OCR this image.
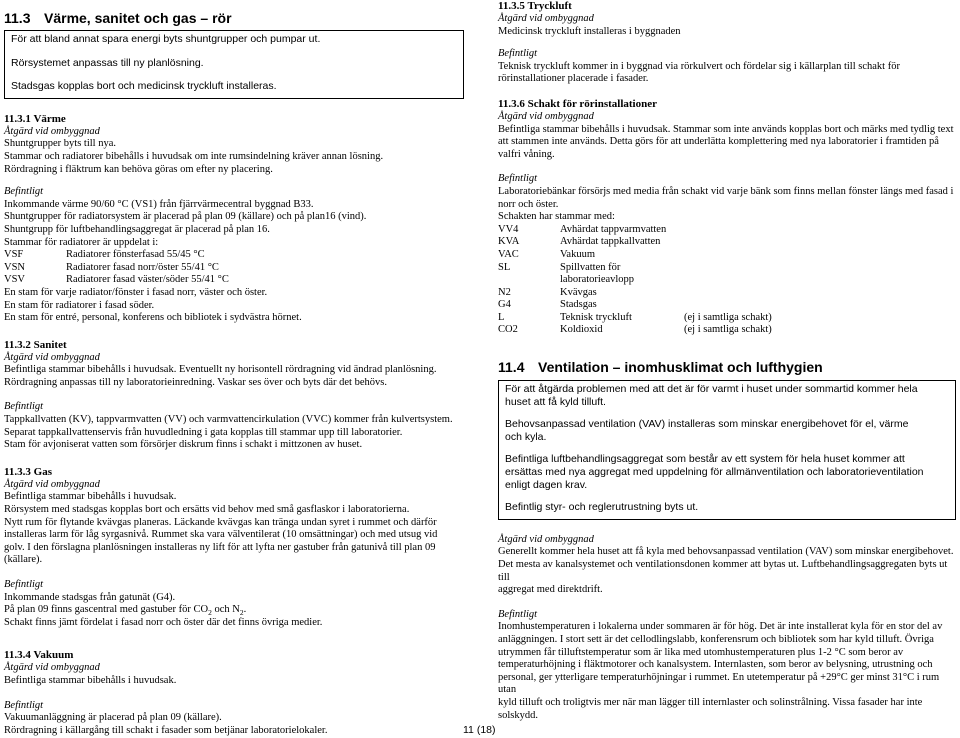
11.3 Värme, sanitet och gas – rör

För att bland annat spara energi byts shuntgrupper och pumpar ut.

Rörsystemet anpassas till ny planlösning.

Stadsgas kopplas bort och medicinsk tryckluft installeras.

11.3.1 Värme
Åtgärd vid ombyggnad
Shuntgrupper byts till nya.
Stammar och radiatorer bibehålls i huvudsak om inte rumsindelning kräver annan lösning.
Rördragning i fläktrum kan behöva göras om efter ny placering.
Befintligt
Inkommande värme 90/60 °C (VS1) från fjärrvärmecentral byggnad B33.
Shuntgrupper för radiatorsystem är placerad på plan 09 (källare) och på plan16 (vind).
Shuntgrupp för luftbehandlingsaggregat är placerad på plan 16.
Stammar för radiatorer är uppdelat i:
VSF	Radiatorer fönsterfasad 55/45 °C
VSN	Radiatorer fasad norr/öster 55/41 °C
VSV	Radiatorer fasad väster/söder 55/41 °C
En stam för varje radiator/fönster i fasad norr, väster och öster.
En stam för radiatorer i fasad söder.
En stam för entré, personal, konferens och bibliotek i sydvästra hörnet.
11.3.2 Sanitet
Åtgärd vid ombyggnad
Befintliga stammar bibehålls i huvudsak. Eventuellt ny horisontell rördragning vid ändrad planlösning.
Rördragning anpassas till ny laboratorieinredning. Vaskar ses över och byts där det behövs.
Befintligt
Tappkallvatten (KV), tappvarmvatten (VV) och varmvattencirkulation (VVC) kommer från kulvertsystem.
Separat tappkallvattenservis från huvudledning i gata kopplas till stammar upp till laboratorier.
Stam för avjoniserat vatten som försörjer diskrum finns i schakt i mittzonen av huset.
11.3.3 Gas
Åtgärd vid ombyggnad
Befintliga stammar bibehålls i huvudsak.
Rörsystem med stadsgas kopplas bort och ersätts vid behov med små gasflaskor i laboratorierna.
Nytt rum för flytande kvävgas planeras. Läckande kvävgas kan tränga undan syret i rummet och därför
installeras larm för låg syrgasnivå. Rummet ska vara välventilerat (10 omsättningar) och med utsug vid
golv. I den förslagna planlösningen installeras ny lift för att lyfta ner gastuber från gatunivå till plan 09
(källare).
Befintligt
Inkommande stadsgas från gatunät (G4).
På plan 09 finns gascentral med gastuber för $CO_2$ och $N_2$.
Schakt finns jämt fördelat i fasad norr och öster där det finns övriga medier.
11.3.4 Vakuum
Åtgärd vid ombyggnad
Befintliga stammar bibehålls i huvudsak.
Befintligt
Vakuumanläggning är placerad på plan 09 (källare).
Rördragning i källargång till schakt i fasader som betjänar laboratorielokaler.
11.3.5 Tryckluft
Åtgärd vid ombyggnad
Medicinsk tryckluft installeras i byggnaden
Befintligt
Teknisk tryckluft kommer in i byggnad via rörkulvert och fördelar sig i källarplan till schakt för
rörinstallationer placerade i fasader.
11.3.6 Schakt för rörinstallationer
Åtgärd vid ombyggnad
Befintliga stammar bibehålls i huvudsak. Stammar som inte används kopplas bort och märks med tydlig text
att stammen inte används. Detta görs för att underlätta komplettering med nya laboratorier i framtiden på
valfri våning.
Befintligt
Laboratoriebänkar försörjs med media från schakt vid varje bänk som finns mellan fönster längs med fasad i
norr och öster.
Schakten har stammar med:
VV4	Avhärdat tappvarmvatten
KVA	Avhärdat tappkallvatten
VAC	Vakuum
SL	Spillvatten för laboratorieavlopp
N2	Kvävgas
G4	Stadsgas
L	Teknisk tryckluft	(ej i samtliga schakt)
CO2	Koldioxid	(ej i samtliga schakt)
11.4 Ventilation – inomhusklimat och lufthygien

För att åtgärda problemen med att det är för varmt i huset under sommartid kommer hela

huset att få kyld tilluft.

Behovsanpassad ventilation (VAV) installeras som minskar energibehovet för el, värme

och kyla.

Befintliga luftbehandlingsaggregat som består av ett system för hela huset kommer att

ersättas med nya aggregat med uppdelning för allmänventilation och laboratorieventilation

enligt dagen krav.

Befintlig styr- och reglerutrustning byts ut.

Åtgärd vid ombyggnad
Generellt kommer hela huset att få kyla med behovsanpassad ventilation (VAV) som minskar energibehovet.
Det mesta av kanalsystemet och ventilationsdonen kommer att bytas ut. Luftbehandlingsaggregaten byts ut till
aggregat med direktdrift.
Befintligt
Inomhustemperaturen i lokalerna under sommaren är för hög. Det är inte installerat kyla för en stor del av
anläggningen. I stort sett är det cellodlingslabb, konferensrum och bibliotek som har kyld tilluft. Övriga
utrymmen får tilluftstemperatur som är lika med utomhustemperaturen plus 1-2 °C som beror av
temperaturhöjning i fläktmotorer och kanalsystem. Internlasten, som beror av belysning, utrustning och
personal, ger ytterligare temperaturhöjningar i rummet. En utetemperatur på +29°C ger minst 31°C i rum utan
kyld tilluft och troligtvis mer när man lägger till internlaster och solinstrålning. Vissa fasader har inte
solskydd.
11 (18)
